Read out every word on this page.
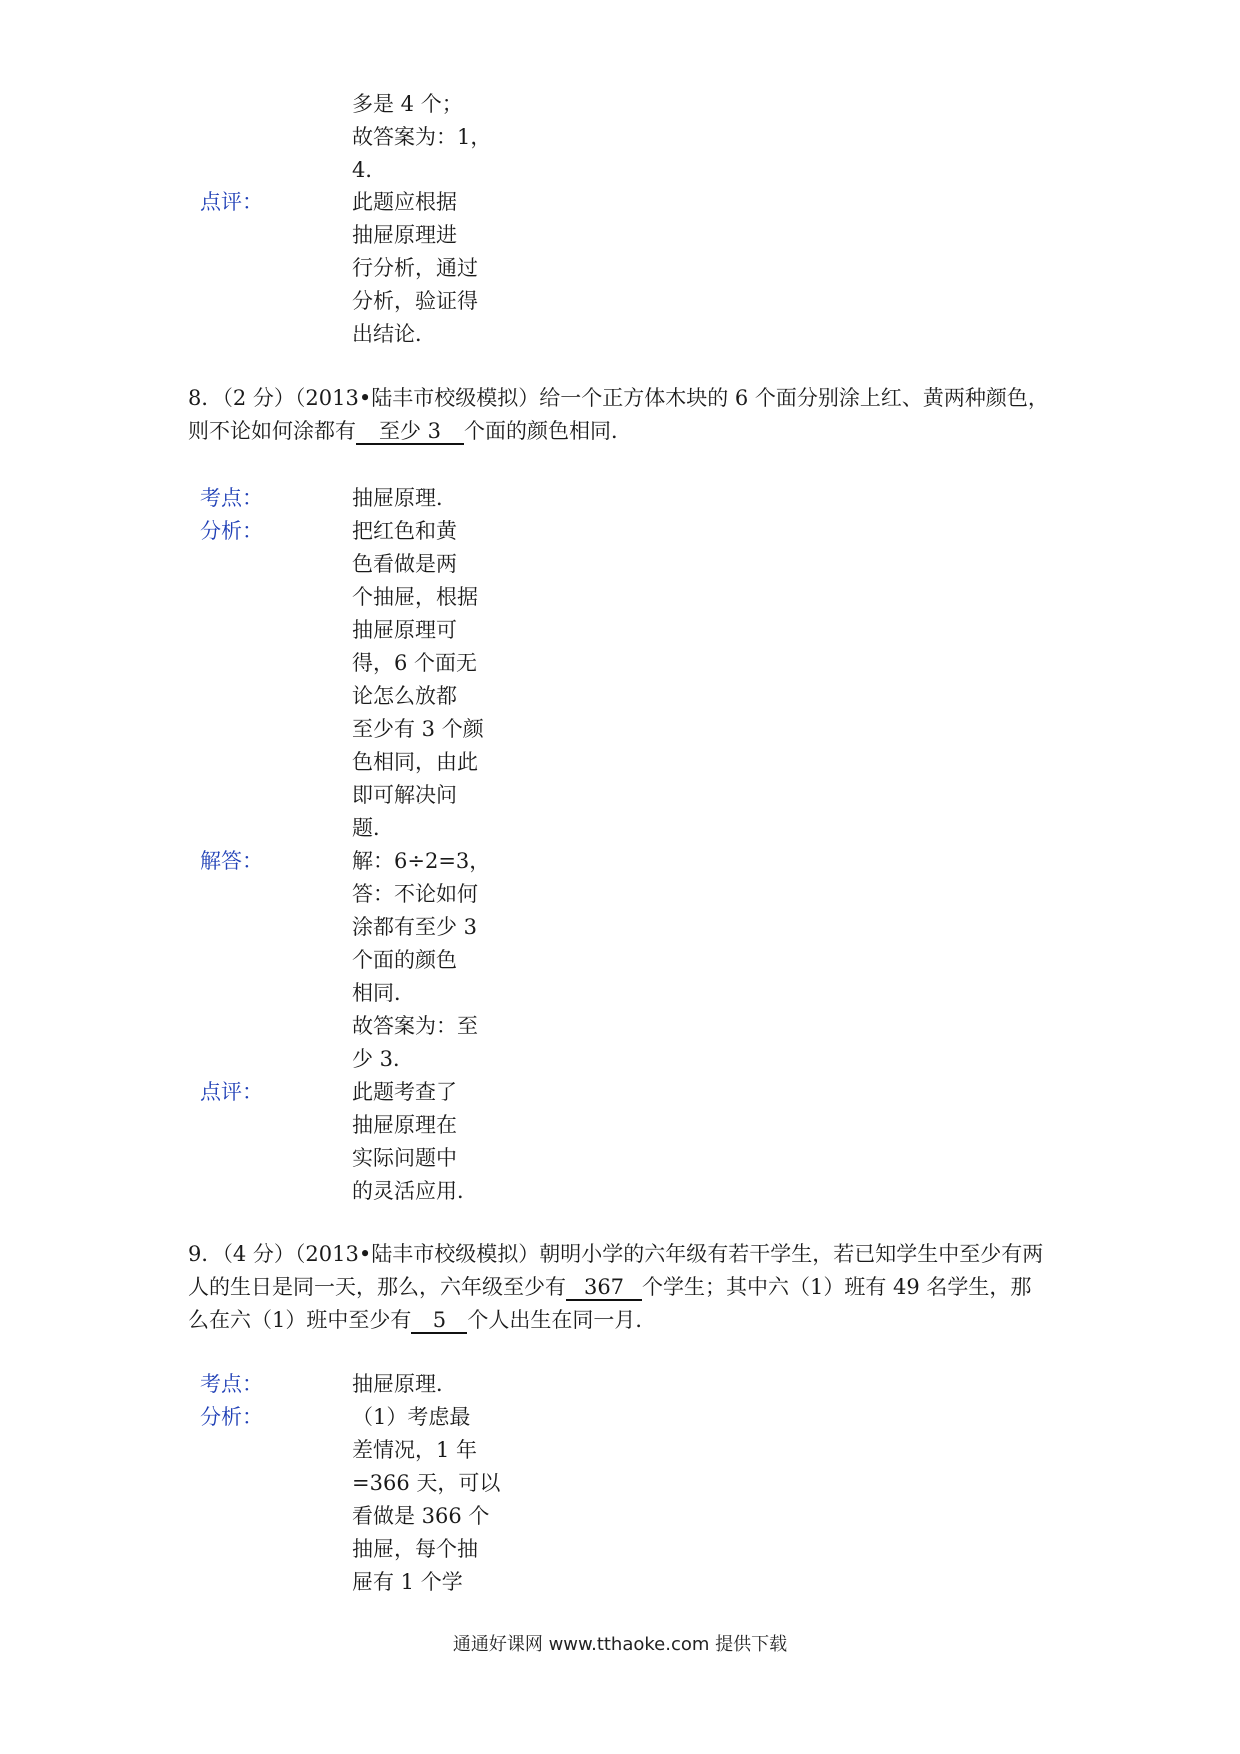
多是 4 个；
故答案为：1，
4．
点评：	此题应根据
抽屉原理进
行分析，通过
分析，验证得
出结论．
8．（2 分）（2013•陆丰市校级模拟）给一个正方体木块的 6 个面分别涂上红、黄两种颜色，
则不论如何涂都有 至少 3 个面的颜色相同．
考点：	抽屉原理．
分析：	把红色和黄
色看做是两
个抽屉，根据
抽屉原理可
得，6 个面无
论怎么放都
至少有 3 个颜
色相同，由此
即可解决问
题．
解答：	解：6÷2=3，
答：不论如何
涂都有至少 3
个面的颜色
相同．
故答案为：至
少 3．
点评：	此题考查了
抽屉原理在
实际问题中
的灵活应用．
9．（4 分）（2013•陆丰市校级模拟）朝明小学的六年级有若干学生，若已知学生中至少有两
人的生日是同一天，那么，六年级至少有 367 个学生；其中六（1）班有 49 名学生，那
么在六（1）班中至少有 5 个人出生在同一月．
考点：	抽屉原理．
分析：	（1）考虑最
差情况，1 年
=366 天，可以
看做是 366 个
抽屉，每个抽
屉有 1 个学
通通好课网 www.tthaoke.com 提供下载
